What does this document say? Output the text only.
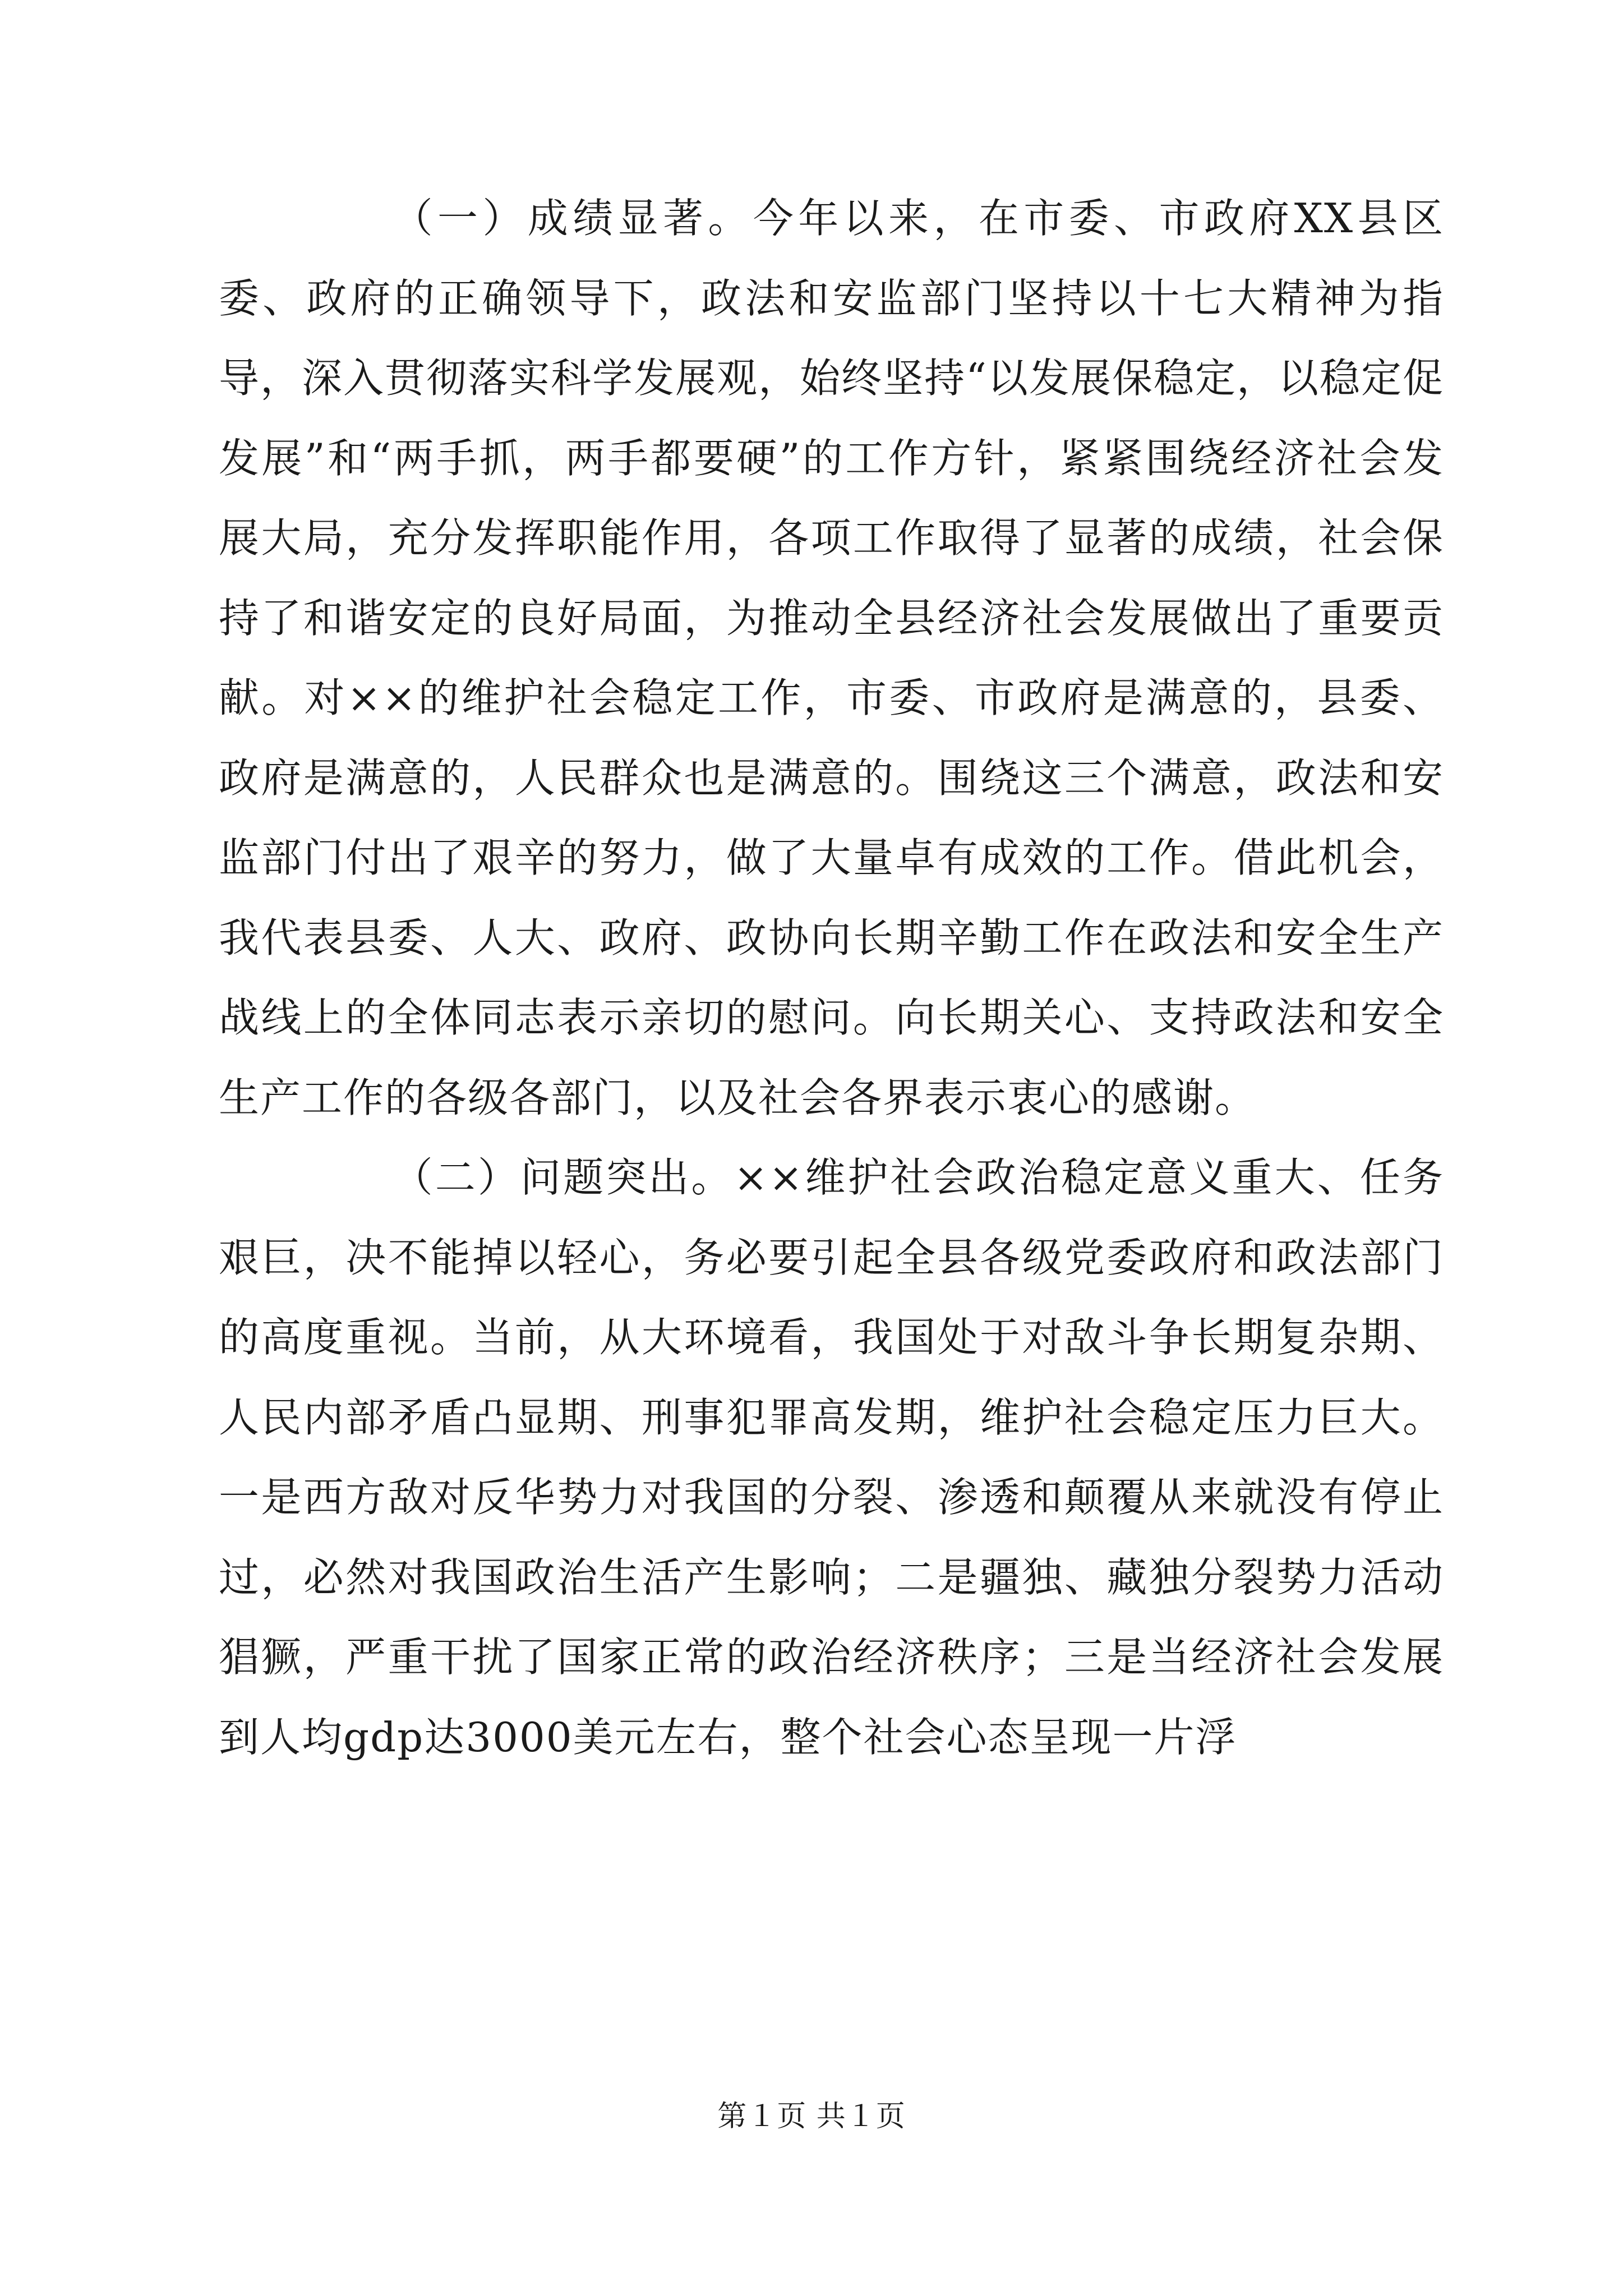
（一）成绩显著。今年以来，在市委、市政府XX县区委、政府的正确领导下，政法和安监部门坚持以十七大精神为指导，深入贯彻落实科学发展观，始终坚持“以发展保稳定，以稳定促发展”和“两手抓，两手都要硬”的工作方针，紧紧围绕经济社会发展大局，充分发挥职能作用，各项工作取得了显著的成绩，社会保持了和谐安定的良好局面，为推动全县经济社会发展做出了重要贡献。对××的维护社会稳定工作，市委、市政府是满意的，县委、政府是满意的，人民群众也是满意的。围绕这三个满意，政法和安监部门付出了艰辛的努力，做了大量卓有成效的工作。借此机会，我代表县委、人大、政府、政协向长期辛勤工作在政法和安全生产战线上的全体同志表示亲切的慰问。向长期关心、支持政法和安全生产工作的各级各部门，以及社会各界表示衷心的感谢。

（二）问题突出。××维护社会政治稳定意义重大、任务艰巨，决不能掉以轻心，务必要引起全县各级党委政府和政法部门的高度重视。当前，从大环境看，我国处于对敌斗争长期复杂期、人民内部矛盾凸显期、刑事犯罪高发期，维护社会稳定压力巨大。一是西方敌对反华势力对我国的分裂、渗透和颠覆从来就没有停止过，必然对我国政治生活产生影响；二是疆独、藏独分裂势力活动猖獗，严重干扰了国家正常的政治经济秩序；三是当经济社会发展到人均gdp达3000美元左右，整个社会心态呈现一片浮

第１页 共１页
